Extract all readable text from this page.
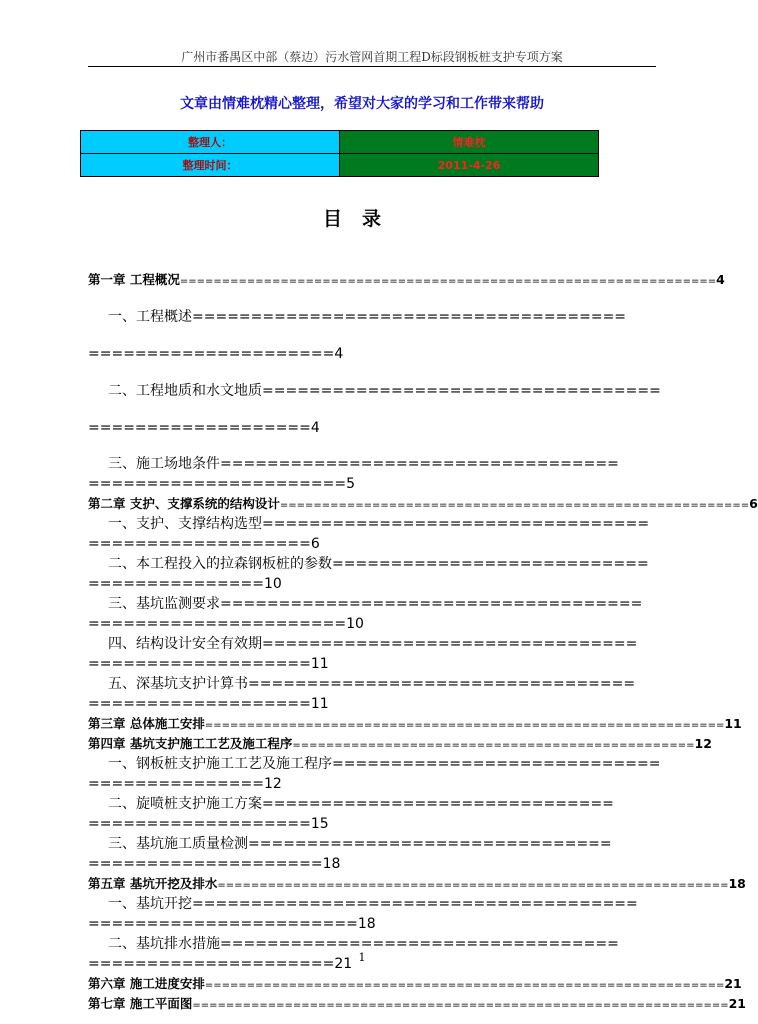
广州市番禺区中部（蔡边）污水管网首期工程D标段钢板桩支护专项方案
文章由情难枕精心整理，希望对大家的学习和工作带来帮助
整理人：	情难枕
整理时间：	2011-4-26
目录
第一章 工程概况================================================================4
一、工程概述=====================================
=====================4
二、工程地质和水文地质==================================
===================4
三、施工场地条件==================================
======================5
第二章 支护、支撑系统的结构设计========================================================6
一、支护、支撑结构选型=================================
===================6
二、本工程投入的拉森钢板桩的参数===========================
===============10
三、基坑监测要求====================================
======================10
四、结构设计安全有效期================================
===================11
五、深基坑支护计算书=================================
===================11
第三章 总体施工安排==============================================================11
第四章 基坑支护施工工艺及施工程序================================================12
一、钢板桩支护施工工艺及施工程序============================
===============12
二、旋喷桩支护施工方案==============================
===================15
三、基坑施工质量检测===============================
====================18
第五章 基坑开挖及排水=============================================================18
一、基坑开挖======================================
=======================18
二、基坑排水措施==================================
=====================21
第六章 施工进度安排==============================================================21
第七章 施工平面图================================================================21
1
